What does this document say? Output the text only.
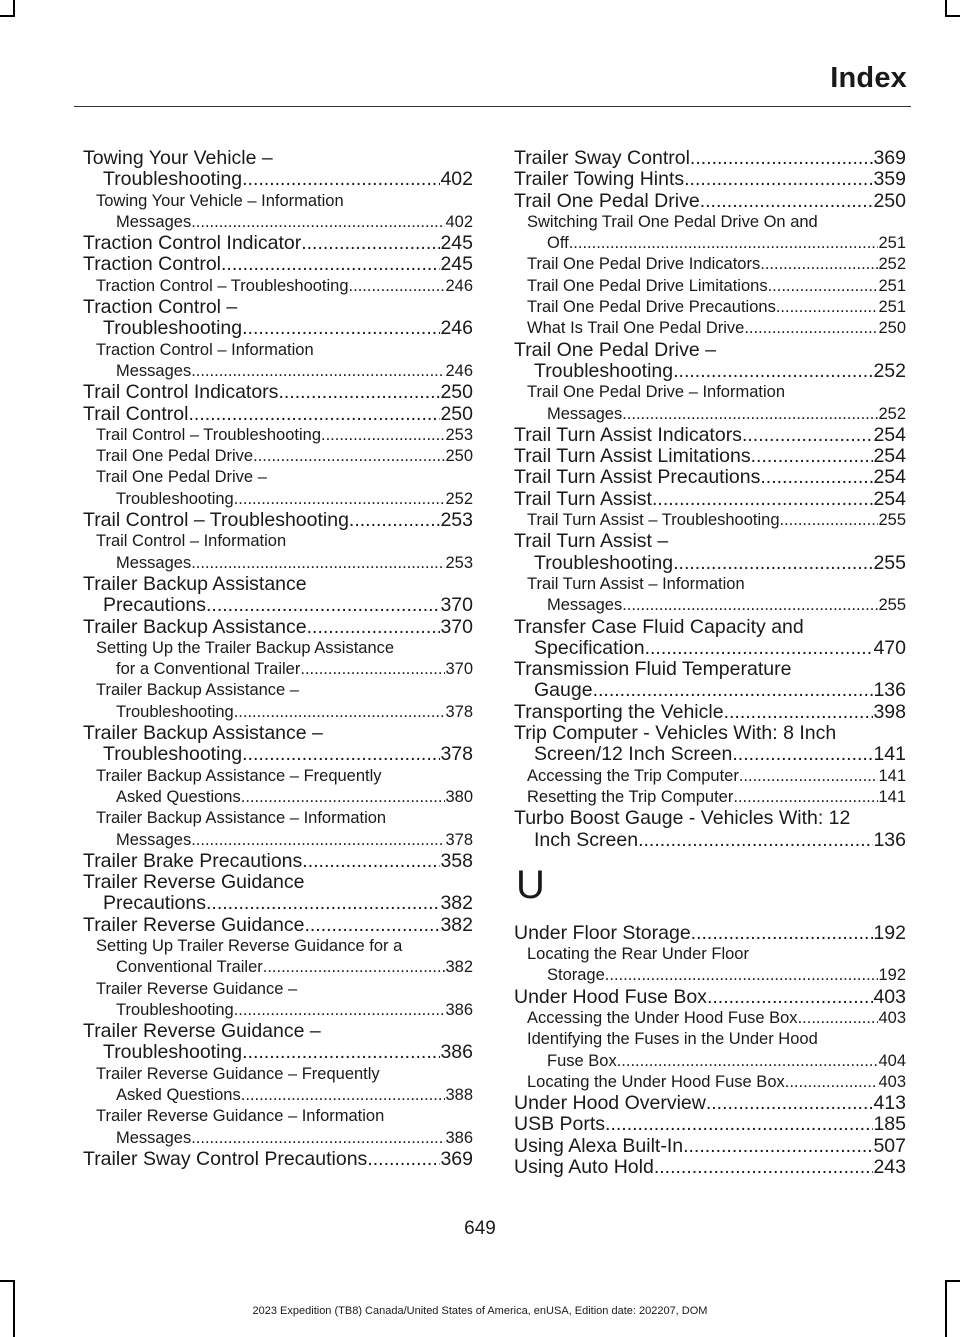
Index
Towing Your Vehicle –
Troubleshooting .....	402
Towing Your Vehicle – Information
Messages .....	402
Traction Control Indicator .....	245
Traction Control .....	245
Traction Control – Troubleshooting .....	246
Traction Control –
Troubleshooting .....	246
Traction Control – Information
Messages .....	246
Trail Control Indicators .....	250
Trail Control .....	250
Trail Control – Troubleshooting .....	253
Trail One Pedal Drive .....	250
Trail One Pedal Drive –
Troubleshooting .....	252
Trail Control – Troubleshooting .....	253
Trail Control – Information
Messages .....	253
Trailer Backup Assistance
Precautions .....	370
Trailer Backup Assistance .....	370
Setting Up the Trailer Backup Assistance
for a Conventional Trailer .....	370
Trailer Backup Assistance –
Troubleshooting .....	378
Trailer Backup Assistance –
Troubleshooting .....	378
Trailer Backup Assistance – Frequently
Asked Questions .....	380
Trailer Backup Assistance – Information
Messages .....	378
Trailer Brake Precautions .....	358
Trailer Reverse Guidance
Precautions .....	382
Trailer Reverse Guidance .....	382
Setting Up Trailer Reverse Guidance for a
Conventional Trailer .....	382
Trailer Reverse Guidance –
Troubleshooting .....	386
Trailer Reverse Guidance –
Troubleshooting .....	386
Trailer Reverse Guidance – Frequently
Asked Questions .....	388
Trailer Reverse Guidance – Information
Messages .....	386
Trailer Sway Control Precautions .....	369
Trailer Sway Control .....	369
Trailer Towing Hints .....	359
Trail One Pedal Drive .....	250
Switching Trail One Pedal Drive On and
Off .....	251
Trail One Pedal Drive Indicators .....	252
Trail One Pedal Drive Limitations .....	251
Trail One Pedal Drive Precautions .....	251
What Is Trail One Pedal Drive .....	250
Trail One Pedal Drive –
Troubleshooting .....	252
Trail One Pedal Drive – Information
Messages .....	252
Trail Turn Assist Indicators .....	254
Trail Turn Assist Limitations .....	254
Trail Turn Assist Precautions .....	254
Trail Turn Assist .....	254
Trail Turn Assist – Troubleshooting .....	255
Trail Turn Assist –
Troubleshooting .....	255
Trail Turn Assist – Information
Messages .....	255
Transfer Case Fluid Capacity and
Specification .....	470
Transmission Fluid Temperature
Gauge .....	136
Transporting the Vehicle .....	398
Trip Computer - Vehicles With: 8 Inch
Screen/12 Inch Screen .....	141
Accessing the Trip Computer .....	141
Resetting the Trip Computer .....	141
Turbo Boost Gauge - Vehicles With: 12
Inch Screen .....	136
U
Under Floor Storage .....	192
Locating the Rear Under Floor
Storage .....	192
Under Hood Fuse Box .....	403
Accessing the Under Hood Fuse Box .....	403
Identifying the Fuses in the Under Hood
Fuse Box .....	404
Locating the Under Hood Fuse Box .....	403
Under Hood Overview .....	413
USB Ports .....	185
Using Alexa Built-In .....	507
Using Auto Hold .....	243
649
2023 Expedition (TB8) Canada/United States of America, enUSA, Edition date: 202207, DOM
